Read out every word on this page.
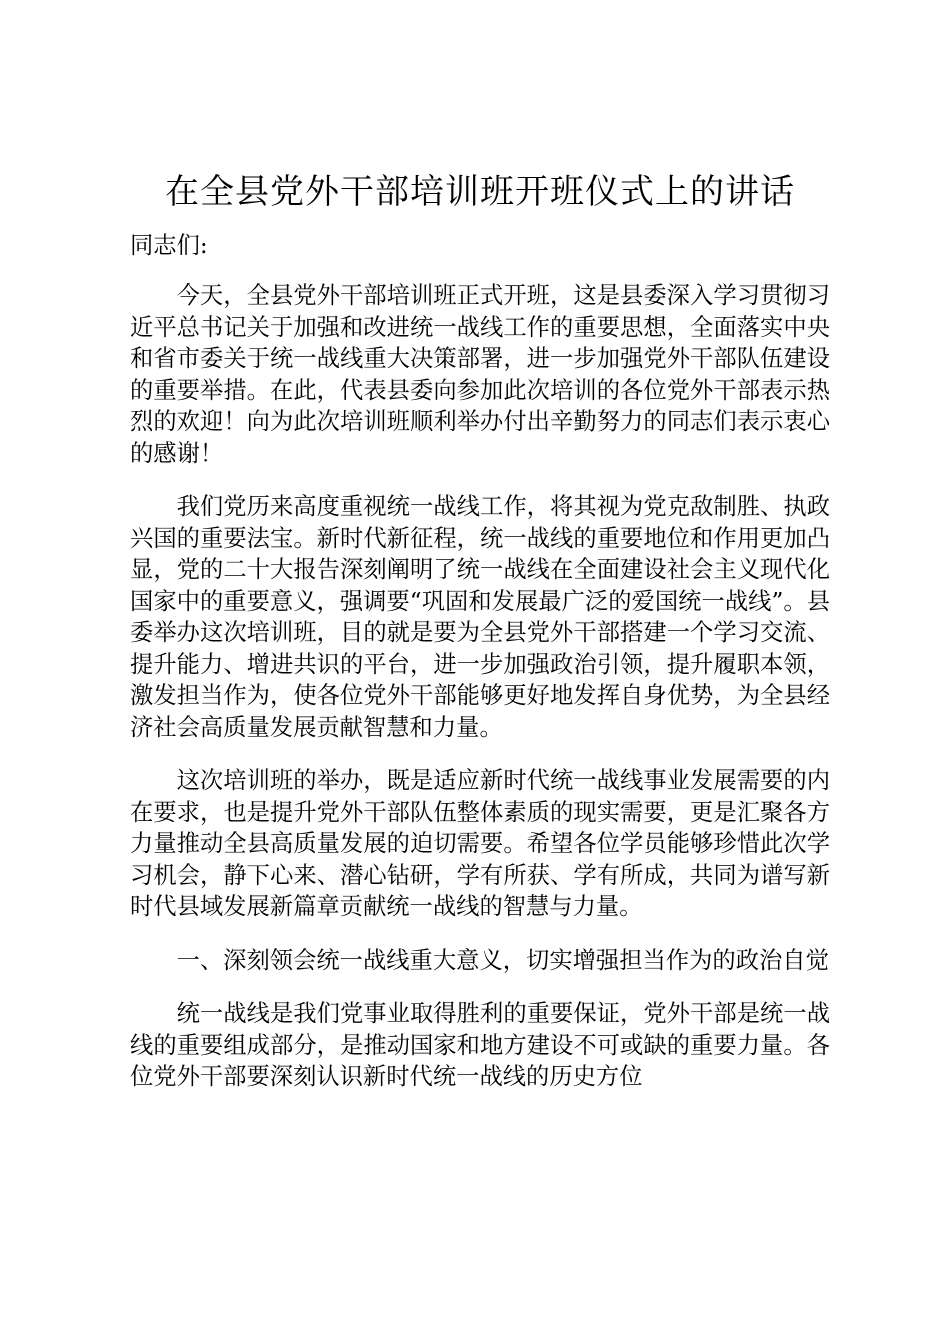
在全县党外干部培训班开班仪式上的讲话

同志们:

今天，全县党外干部培训班正式开班，这是县委深入学习贯彻习近平总书记关于加强和改进统一战线工作的重要思想，全面落实中央和省市委关于统一战线重大决策部署，进一步加强党外干部队伍建设的重要举措。在此，代表县委向参加此次培训的各位党外干部表示热烈的欢迎！向为此次培训班顺利举办付出辛勤努力的同志们表示衷心的感谢！

我们党历来高度重视统一战线工作，将其视为党克敌制胜、执政兴国的重要法宝。新时代新征程，统一战线的重要地位和作用更加凸显，党的二十大报告深刻阐明了统一战线在全面建设社会主义现代化国家中的重要意义，强调要“巩固和发展最广泛的爱国统一战线”。县委举办这次培训班，目的就是要为全县党外干部搭建一个学习交流、提升能力、增进共识的平台，进一步加强政治引领，提升履职本领，激发担当作为，使各位党外干部能够更好地发挥自身优势，为全县经济社会高质量发展贡献智慧和力量。

这次培训班的举办，既是适应新时代统一战线事业发展需要的内在要求，也是提升党外干部队伍整体素质的现实需要，更是汇聚各方力量推动全县高质量发展的迫切需要。希望各位学员能够珍惜此次学习机会，静下心来、潜心钻研，学有所获、学有所成，共同为谱写新时代县域发展新篇章贡献统一战线的智慧与力量。

一、深刻领会统一战线重大意义，切实增强担当作为的政治自觉

统一战线是我们党事业取得胜利的重要保证，党外干部是统一战线的重要组成部分，是推动国家和地方建设不可或缺的重要力量。各位党外干部要深刻认识新时代统一战线的历史方位
